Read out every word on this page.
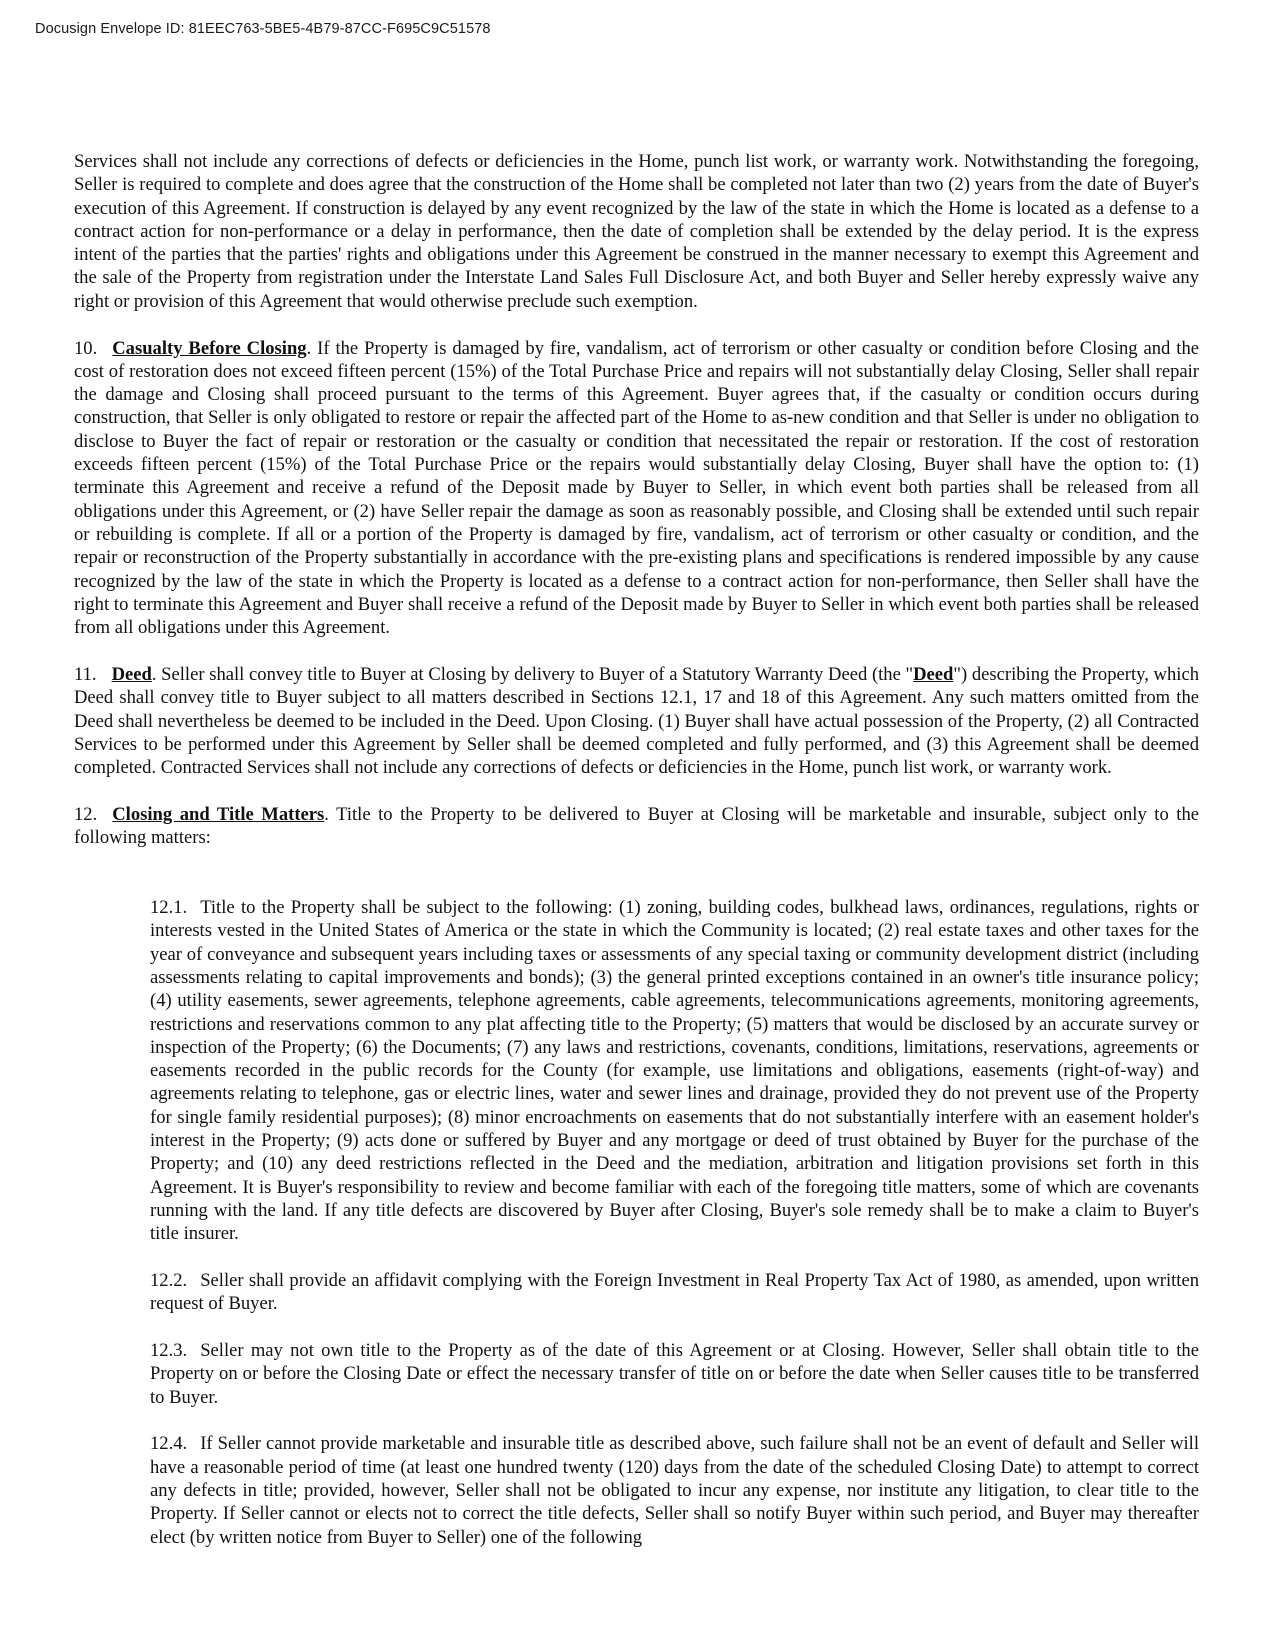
Docusign Envelope ID: 81EEC763-5BE5-4B79-87CC-F695C9C51578

Services shall not include any corrections of defects or deficiencies in the Home, punch list work, or warranty work. Notwithstanding the foregoing, Seller is required to complete and does agree that the construction of the Home shall be completed not later than two (2) years from the date of Buyer's execution of this Agreement. If construction is delayed by any event recognized by the law of the state in which the Home is located as a defense to a contract action for non-performance or a delay in performance, then the date of completion shall be extended by the delay period. It is the express intent of the parties that the parties' rights and obligations under this Agreement be construed in the manner necessary to exempt this Agreement and the sale of the Property from registration under the Interstate Land Sales Full Disclosure Act, and both Buyer and Seller hereby expressly waive any right or provision of this Agreement that would otherwise preclude such exemption.

10. Casualty Before Closing. If the Property is damaged by fire, vandalism, act of terrorism or other casualty or condition before Closing and the cost of restoration does not exceed fifteen percent (15%) of the Total Purchase Price and repairs will not substantially delay Closing, Seller shall repair the damage and Closing shall proceed pursuant to the terms of this Agreement. Buyer agrees that, if the casualty or condition occurs during construction, that Seller is only obligated to restore or repair the affected part of the Home to as-new condition and that Seller is under no obligation to disclose to Buyer the fact of repair or restoration or the casualty or condition that necessitated the repair or restoration. If the cost of restoration exceeds fifteen percent (15%) of the Total Purchase Price or the repairs would substantially delay Closing, Buyer shall have the option to: (1) terminate this Agreement and receive a refund of the Deposit made by Buyer to Seller, in which event both parties shall be released from all obligations under this Agreement, or (2) have Seller repair the damage as soon as reasonably possible, and Closing shall be extended until such repair or rebuilding is complete. If all or a portion of the Property is damaged by fire, vandalism, act of terrorism or other casualty or condition, and the repair or reconstruction of the Property substantially in accordance with the pre-existing plans and specifications is rendered impossible by any cause recognized by the law of the state in which the Property is located as a defense to a contract action for non-performance, then Seller shall have the right to terminate this Agreement and Buyer shall receive a refund of the Deposit made by Buyer to Seller in which event both parties shall be released from all obligations under this Agreement.

11. Deed. Seller shall convey title to Buyer at Closing by delivery to Buyer of a Statutory Warranty Deed (the "Deed") describing the Property, which Deed shall convey title to Buyer subject to all matters described in Sections 12.1, 17 and 18 of this Agreement. Any such matters omitted from the Deed shall nevertheless be deemed to be included in the Deed. Upon Closing. (1) Buyer shall have actual possession of the Property, (2) all Contracted Services to be performed under this Agreement by Seller shall be deemed completed and fully performed, and (3) this Agreement shall be deemed completed. Contracted Services shall not include any corrections of defects or deficiencies in the Home, punch list work, or warranty work.

12. Closing and Title Matters. Title to the Property to be delivered to Buyer at Closing will be marketable and insurable, subject only to the following matters:

12.1. Title to the Property shall be subject to the following: (1) zoning, building codes, bulkhead laws, ordinances, regulations, rights or interests vested in the United States of America or the state in which the Community is located; (2) real estate taxes and other taxes for the year of conveyance and subsequent years including taxes or assessments of any special taxing or community development district (including assessments relating to capital improvements and bonds); (3) the general printed exceptions contained in an owner's title insurance policy; (4) utility easements, sewer agreements, telephone agreements, cable agreements, telecommunications agreements, monitoring agreements, restrictions and reservations common to any plat affecting title to the Property; (5) matters that would be disclosed by an accurate survey or inspection of the Property; (6) the Documents; (7) any laws and restrictions, covenants, conditions, limitations, reservations, agreements or easements recorded in the public records for the County (for example, use limitations and obligations, easements (right-of-way) and agreements relating to telephone, gas or electric lines, water and sewer lines and drainage, provided they do not prevent use of the Property for single family residential purposes); (8) minor encroachments on easements that do not substantially interfere with an easement holder's interest in the Property; (9) acts done or suffered by Buyer and any mortgage or deed of trust obtained by Buyer for the purchase of the Property; and (10) any deed restrictions reflected in the Deed and the mediation, arbitration and litigation provisions set forth in this Agreement. It is Buyer's responsibility to review and become familiar with each of the foregoing title matters, some of which are covenants running with the land. If any title defects are discovered by Buyer after Closing, Buyer's sole remedy shall be to make a claim to Buyer's title insurer.

12.2. Seller shall provide an affidavit complying with the Foreign Investment in Real Property Tax Act of 1980, as amended, upon written request of Buyer.

12.3. Seller may not own title to the Property as of the date of this Agreement or at Closing. However, Seller shall obtain title to the Property on or before the Closing Date or effect the necessary transfer of title on or before the date when Seller causes title to be transferred to Buyer.

12.4. If Seller cannot provide marketable and insurable title as described above, such failure shall not be an event of default and Seller will have a reasonable period of time (at least one hundred twenty (120) days from the date of the scheduled Closing Date) to attempt to correct any defects in title; provided, however, Seller shall not be obligated to incur any expense, nor institute any litigation, to clear title to the Property. If Seller cannot or elects not to correct the title defects, Seller shall so notify Buyer within such period, and Buyer may thereafter elect (by written notice from Buyer to Seller) one of the following
